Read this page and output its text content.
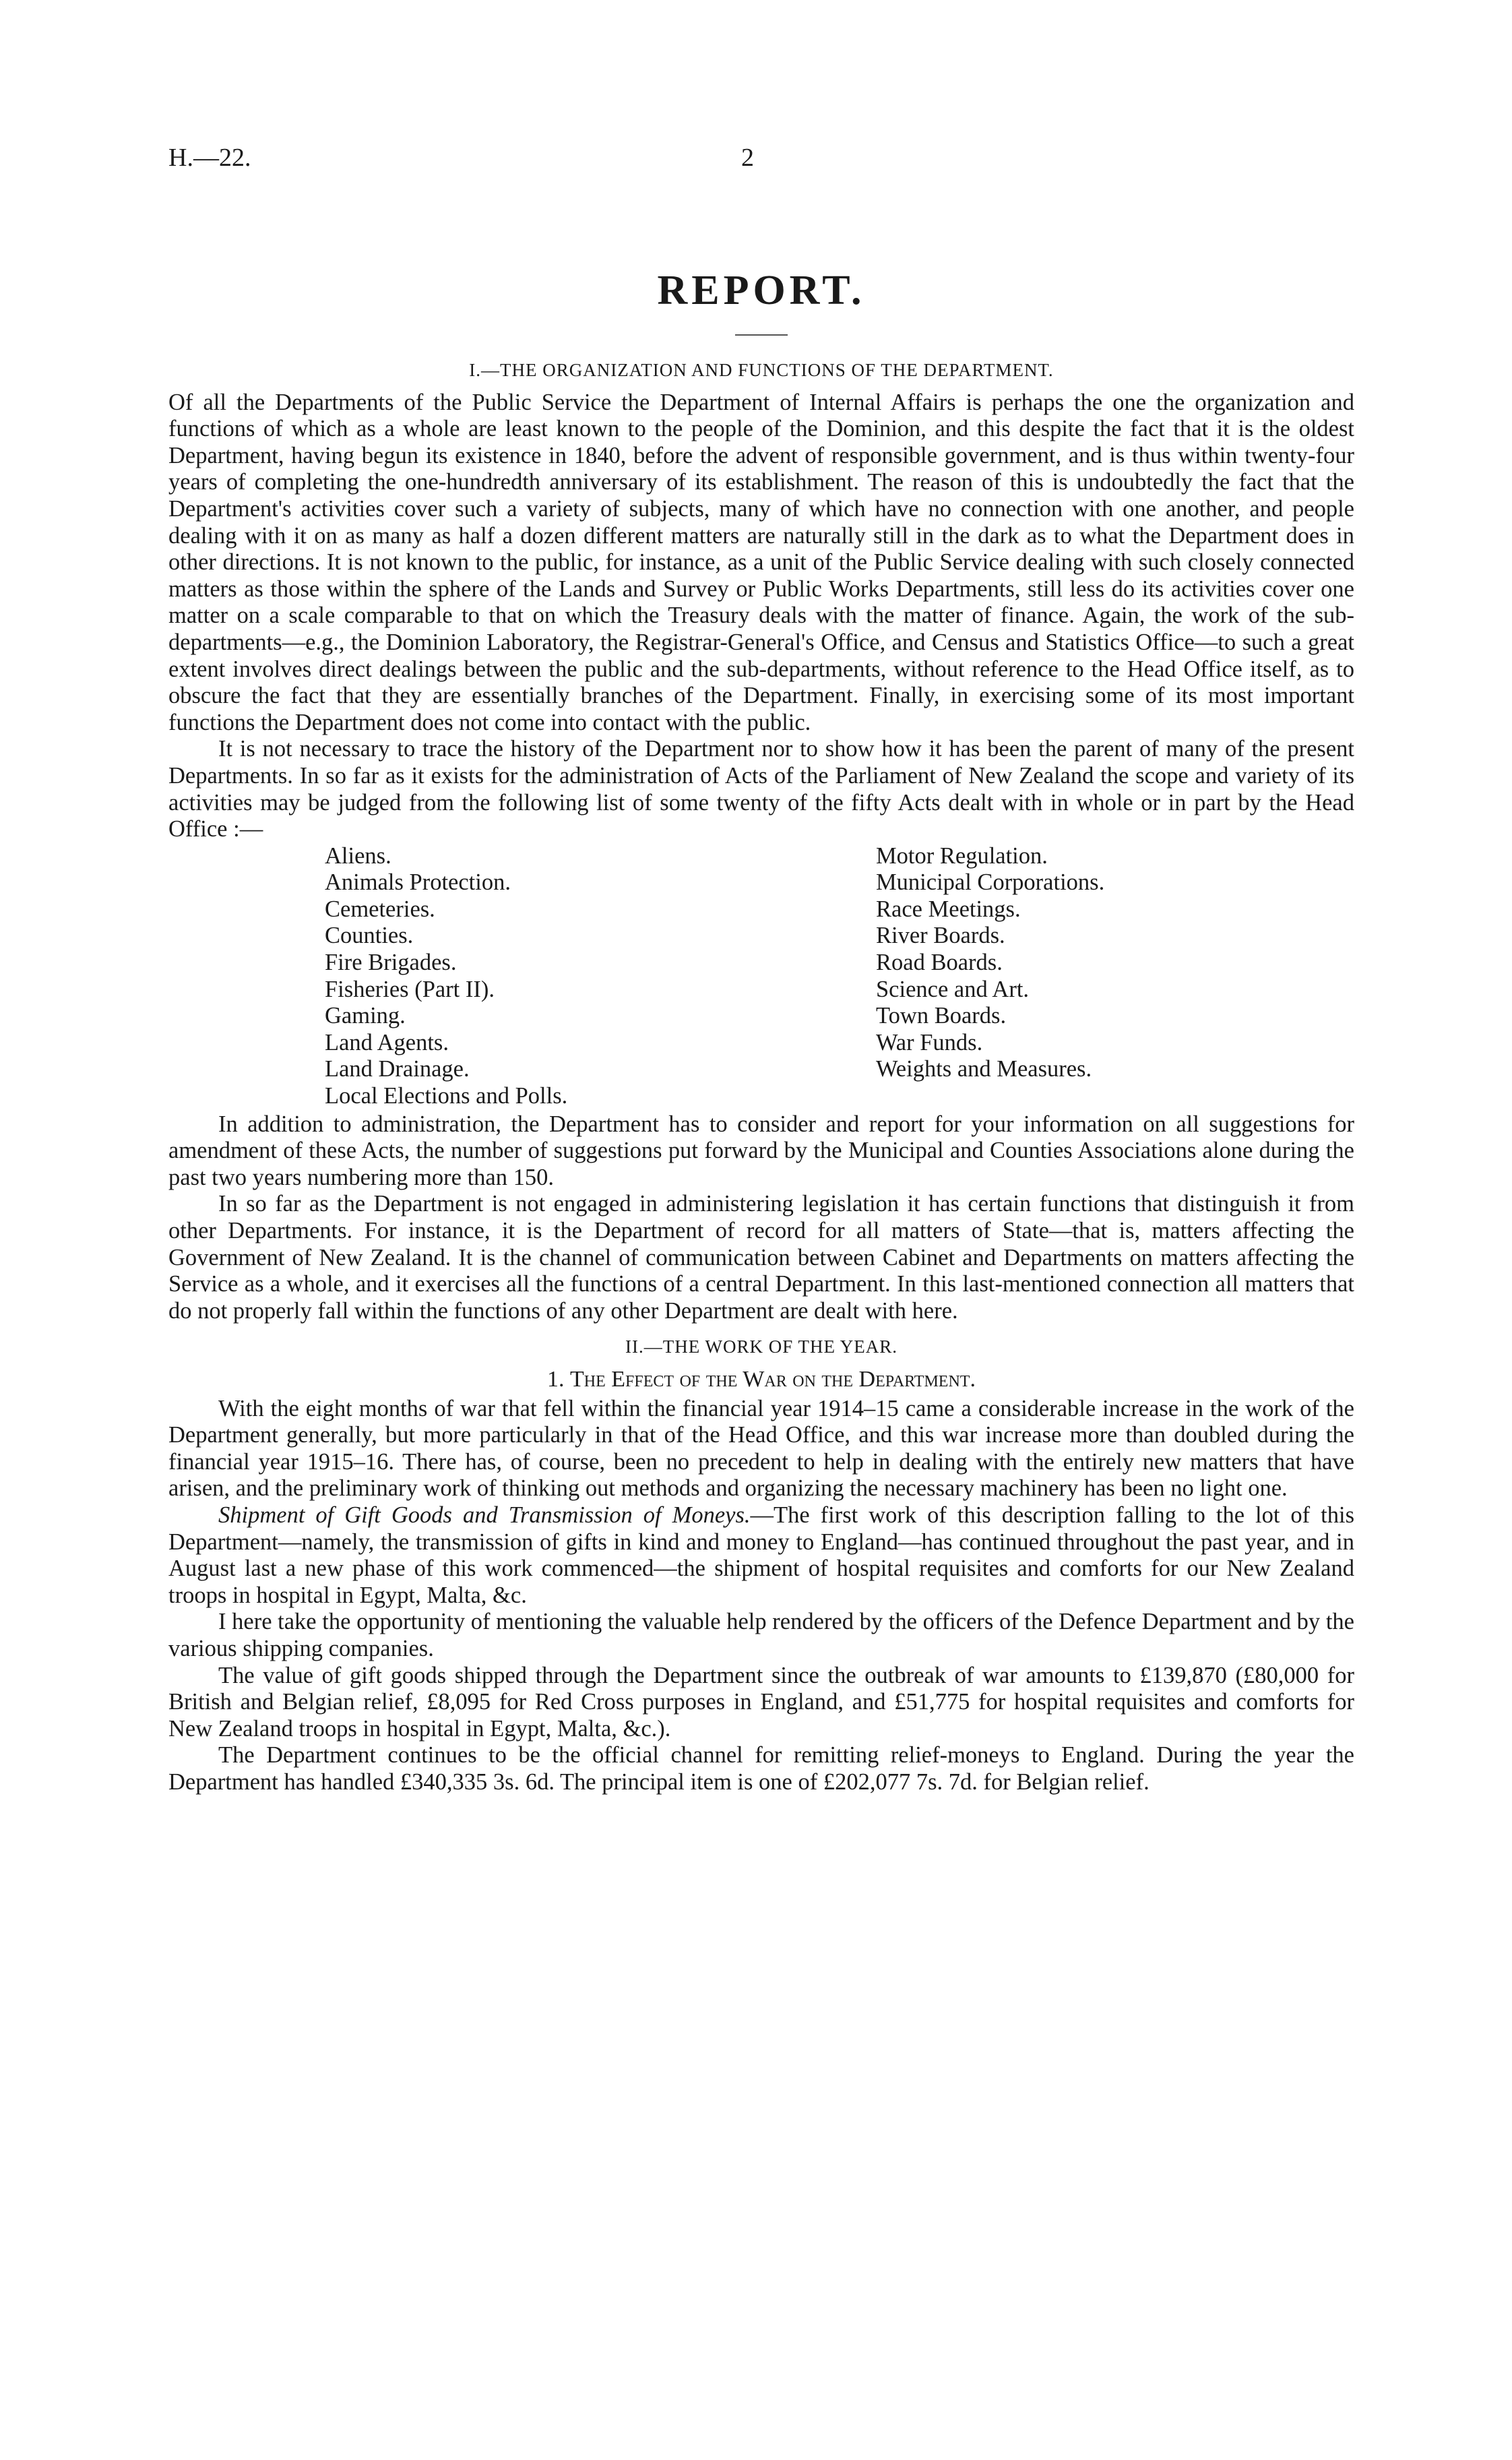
H.—22.	2
REPORT.
I.—THE ORGANIZATION AND FUNCTIONS OF THE DEPARTMENT.

Of all the Departments of the Public Service the Department of Internal Affairs is perhaps the one the organization and functions of which as a whole are least known to the people of the Dominion, and this despite the fact that it is the oldest Department, having begun its existence in 1840, before the advent of responsible government, and is thus within twenty-four years of completing the one-hundredth anniversary of its establishment. The reason of this is undoubtedly the fact that the Department's activities cover such a variety of subjects, many of which have no connection with one another, and people dealing with it on as many as half a dozen different matters are naturally still in the dark as to what the Department does in other directions. It is not known to the public, for instance, as a unit of the Public Service dealing with such closely connected matters as those within the sphere of the Lands and Survey or Public Works Departments, still less do its activities cover one matter on a scale comparable to that on which the Treasury deals with the matter of finance. Again, the work of the sub-departments—e.g., the Dominion Laboratory, the Registrar-General's Office, and Census and Statistics Office—to such a great extent involves direct dealings between the public and the sub-departments, without reference to the Head Office itself, as to obscure the fact that they are essentially branches of the Department. Finally, in exercising some of its most important functions the Department does not come into contact with the public.

It is not necessary to trace the history of the Department nor to show how it has been the parent of many of the present Departments. In so far as it exists for the administration of Acts of the Parliament of New Zealand the scope and variety of its activities may be judged from the following list of some twenty of the fifty Acts dealt with in whole or in part by the Head Office :—

Aliens.
Animals Protection.
Cemeteries.
Counties.
Fire Brigades.
Fisheries (Part II).
Gaming.
Land Agents.
Land Drainage.
Local Elections and Polls.
Motor Regulation.
Municipal Corporations.
Race Meetings.
River Boards.
Road Boards.
Science and Art.
Town Boards.
War Funds.
Weights and Measures.

In addition to administration, the Department has to consider and report for your information on all suggestions for amendment of these Acts, the number of suggestions put forward by the Municipal and Counties Associations alone during the past two years numbering more than 150.

In so far as the Department is not engaged in administering legislation it has certain functions that distinguish it from other Departments. For instance, it is the Department of record for all matters of State—that is, matters affecting the Government of New Zealand. It is the channel of communication between Cabinet and Departments on matters affecting the Service as a whole, and it exercises all the functions of a central Department. In this last-mentioned connection all matters that do not properly fall within the functions of any other Department are dealt with here.

II.—THE WORK OF THE YEAR.
1. The Effect of the War on the Department.

With the eight months of war that fell within the financial year 1914–15 came a considerable increase in the work of the Department generally, but more particularly in that of the Head Office, and this war increase more than doubled during the financial year 1915–16. There has, of course, been no precedent to help in dealing with the entirely new matters that have arisen, and the preliminary work of thinking out methods and organizing the necessary machinery has been no light one.

Shipment of Gift Goods and Transmission of Moneys.—The first work of this description falling to the lot of this Department—namely, the transmission of gifts in kind and money to England—has continued throughout the past year, and in August last a new phase of this work commenced—the shipment of hospital requisites and comforts for our New Zealand troops in hospital in Egypt, Malta, &c.

I here take the opportunity of mentioning the valuable help rendered by the officers of the Defence Department and by the various shipping companies.

The value of gift goods shipped through the Department since the outbreak of war amounts to £139,870 (£80,000 for British and Belgian relief, £8,095 for Red Cross purposes in England, and £51,775 for hospital requisites and comforts for New Zealand troops in hospital in Egypt, Malta, &c.).

The Department continues to be the official channel for remitting relief-moneys to England. During the year the Department has handled £340,335 3s. 6d. The principal item is one of £202,077 7s. 7d. for Belgian relief.
